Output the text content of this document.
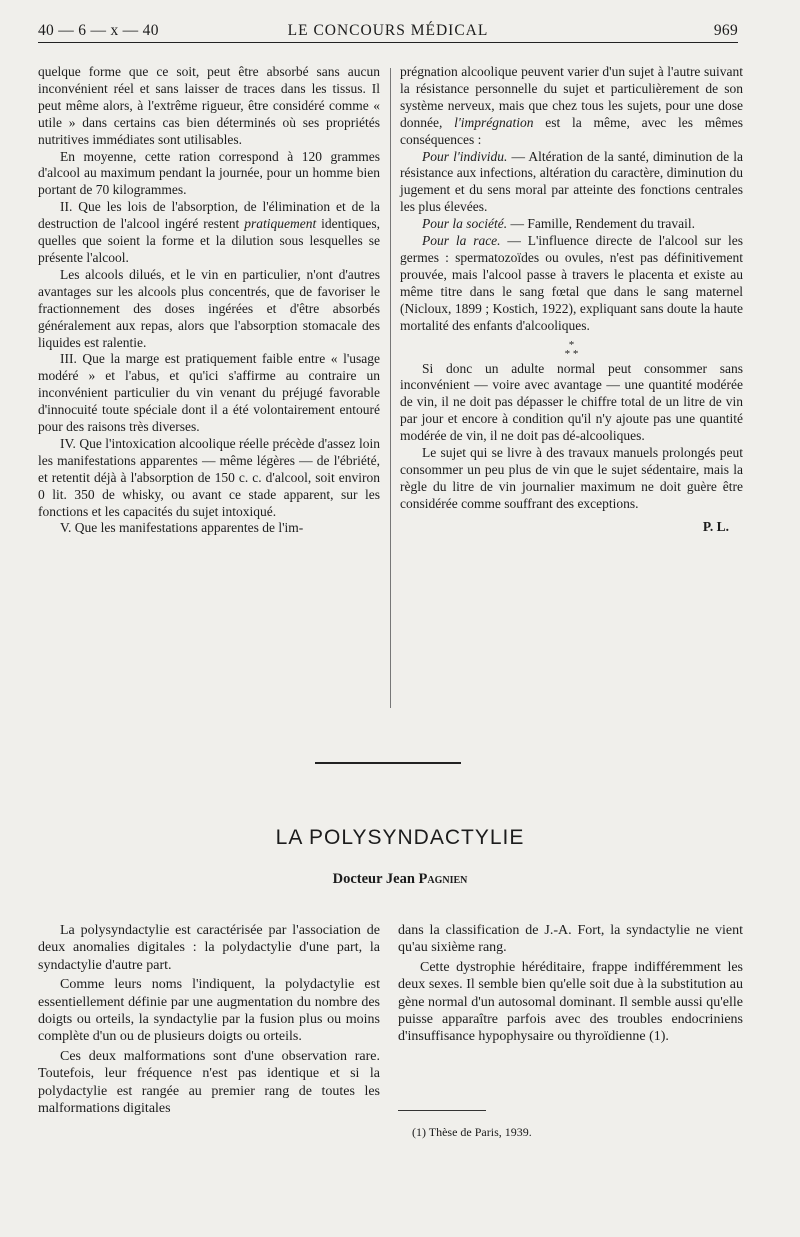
40 — 6 — x — 40	LE CONCOURS MÉDICAL	969

quelque forme que ce soit, peut être absorbé sans aucun inconvénient réel et sans laisser de traces dans les tissus. Il peut même alors, à l'extrême rigueur, être considéré comme « utile » dans certains cas bien déterminés où ses propriétés nutritives immédiates sont utilisables.

En moyenne, cette ration correspond à 120 grammes d'alcool au maximum pendant la journée, pour un homme bien portant de 70 kilogrammes.

II. Que les lois de l'absorption, de l'élimination et de la destruction de l'alcool ingéré restent pratiquement identiques, quelles que soient la forme et la dilution sous lesquelles se présente l'alcool.

Les alcools dilués, et le vin en particulier, n'ont d'autres avantages sur les alcools plus concentrés, que de favoriser le fractionnement des doses ingérées et d'être absorbés généralement aux repas, alors que l'absorption stomacale des liquides est ralentie.

III. Que la marge est pratiquement faible entre « l'usage modéré » et l'abus, et qu'ici s'affirme au contraire un inconvénient particulier du vin venant du préjugé favorable d'innocuité toute spéciale dont il a été volontairement entouré pour des raisons très diverses.

IV. Que l'intoxication alcoolique réelle précède d'assez loin les manifestations apparentes — même légères — de l'ébriété, et retentit déjà à l'absorption de 150 c. c. d'alcool, soit environ 0 lit. 350 de whisky, ou avant ce stade apparent, sur les fonctions et les capacités du sujet intoxiqué.

V. Que les manifestations apparentes de l'im-

prégnation alcoolique peuvent varier d'un sujet à l'autre suivant la résistance personnelle du sujet et particulièrement de son système nerveux, mais que chez tous les sujets, pour une dose donnée, l'imprégnation est la même, avec les mêmes conséquences :

Pour l'individu. — Altération de la santé, diminution de la résistance aux infections, altération du caractère, diminution du jugement et du sens moral par atteinte des fonctions centrales les plus élevées.

Pour la société. — Famille, Rendement du travail.

Pour la race. — L'influence directe de l'alcool sur les germes : spermatozoïdes ou ovules, n'est pas définitivement prouvée, mais l'alcool passe à travers le placenta et existe au même titre dans le sang fœtal que dans le sang maternel (Nicloux, 1899 ; Kostich, 1922), expliquant sans doute la haute mortalité des enfants d'alcooliques.

*
* *

Si donc un adulte normal peut consommer sans inconvénient — voire avec avantage — une quantité modérée de vin, il ne doit pas dépasser le chiffre total de un litre de vin par jour et encore à condition qu'il n'y ajoute pas une quantité modérée de vin, il ne doit pas dé-alcooliques.

Le sujet qui se livre à des travaux manuels prolongés peut consommer un peu plus de vin que le sujet sédentaire, mais la règle du litre de vin journalier maximum ne doit guère être considérée comme souffrant des exceptions.

P. L.
LA POLYSYNDACTYLIE
Docteur Jean Pagnien

La polysyndactylie est caractérisée par l'association de deux anomalies digitales : la polydactylie d'une part, la syndactylie d'autre part.

Comme leurs noms l'indiquent, la polydactylie est essentiellement définie par une augmentation du nombre des doigts ou orteils, la syndactylie par la fusion plus ou moins complète d'un ou de plusieurs doigts ou orteils.

Ces deux malformations sont d'une observation rare. Toutefois, leur fréquence n'est pas identique et si la polydactylie est rangée au premier rang de toutes les malformations digitales

dans la classification de J.-A. Fort, la syndactylie ne vient qu'au sixième rang.

Cette dystrophie héréditaire, frappe indifféremment les deux sexes. Il semble bien qu'elle soit due à la substitution au gène normal d'un autosomal dominant. Il semble aussi qu'elle puisse apparaître parfois avec des troubles endocriniens d'insuffisance hypophysaire ou thyroïdienne (1).

(1) Thèse de Paris, 1939.
